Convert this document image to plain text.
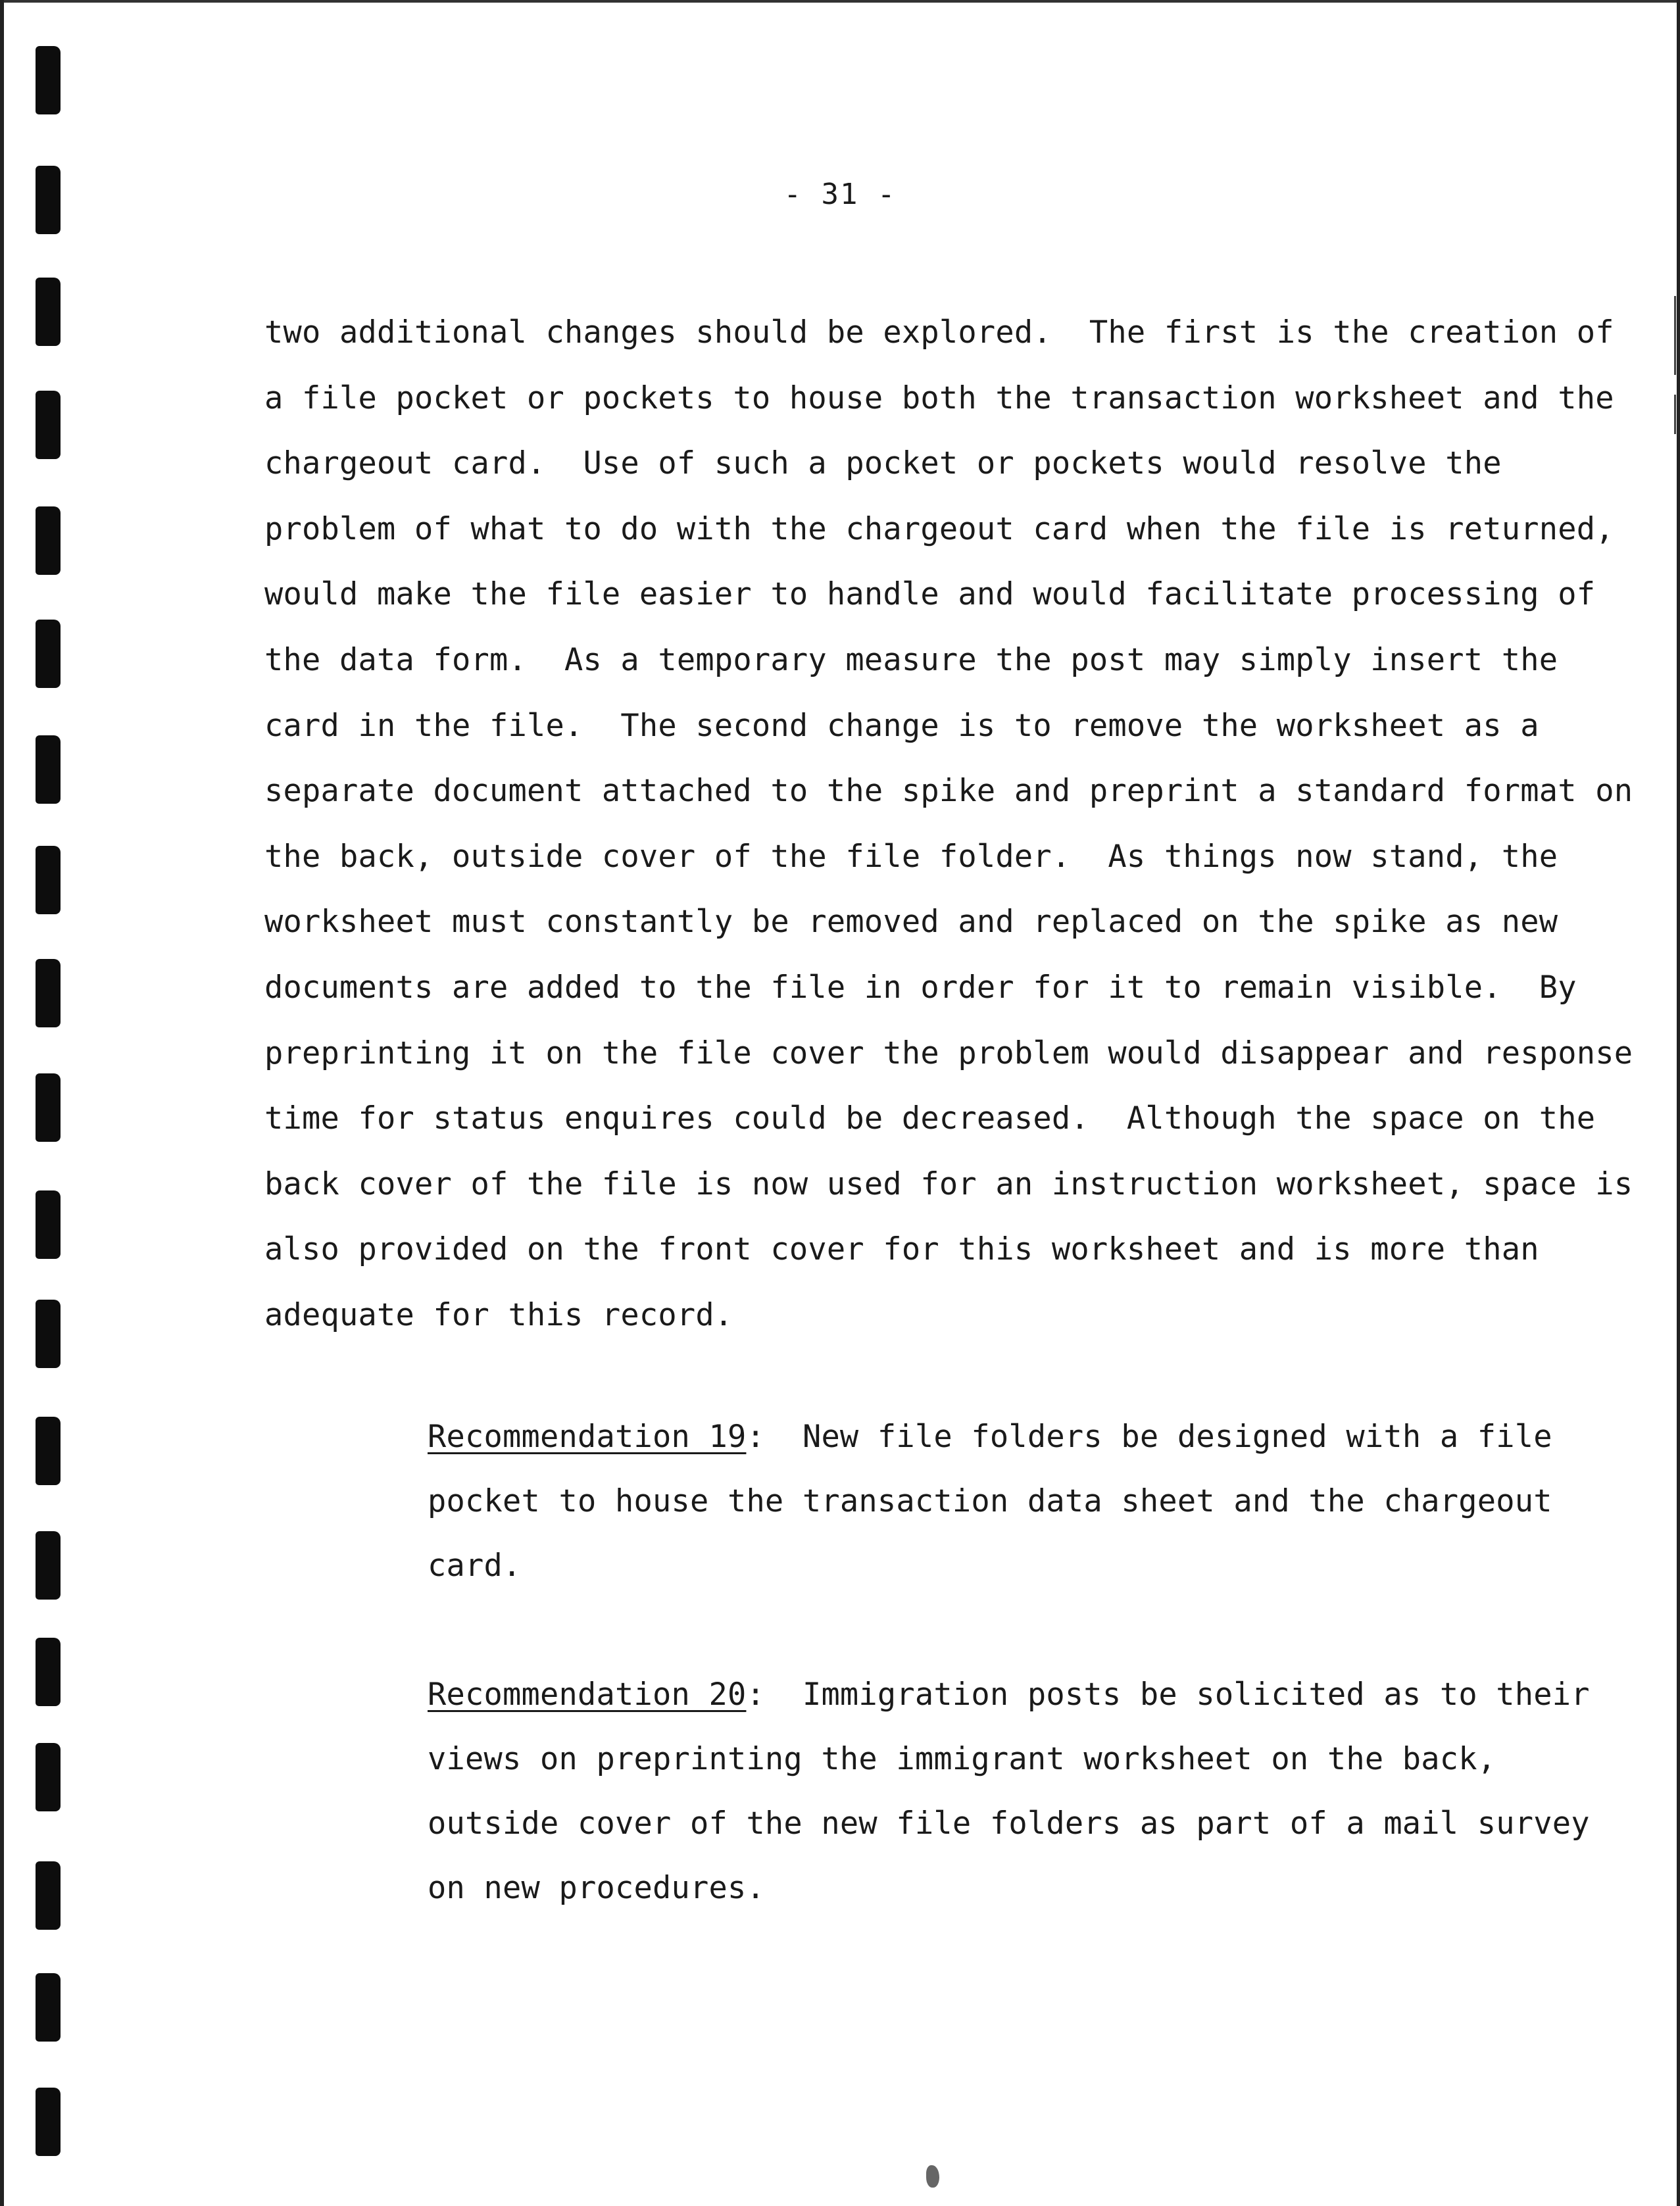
- 31 -
two additional changes should be explored.  The first is the creation of
a file pocket or pockets to house both the transaction worksheet and the
chargeout card.  Use of such a pocket or pockets would resolve the
problem of what to do with the chargeout card when the file is returned,
would make the file easier to handle and would facilitate processing of
the data form.  As a temporary measure the post may simply insert the
card in the file.  The second change is to remove the worksheet as a
separate document attached to the spike and preprint a standard format on
the back, outside cover of the file folder.  As things now stand, the
worksheet must constantly be removed and replaced on the spike as new
documents are added to the file in order for it to remain visible.  By
preprinting it on the file cover the problem would disappear and response
time for status enquires could be decreased.  Although the space on the
back cover of the file is now used for an instruction worksheet, space is
also provided on the front cover for this worksheet and is more than
adequate for this record.
Recommendation 19:  New file folders be designed with a file
pocket to house the transaction data sheet and the chargeout
card.
Recommendation 20:  Immigration posts be solicited as to their
views on preprinting the immigrant worksheet on the back,
outside cover of the new file folders as part of a mail survey
on new procedures.
